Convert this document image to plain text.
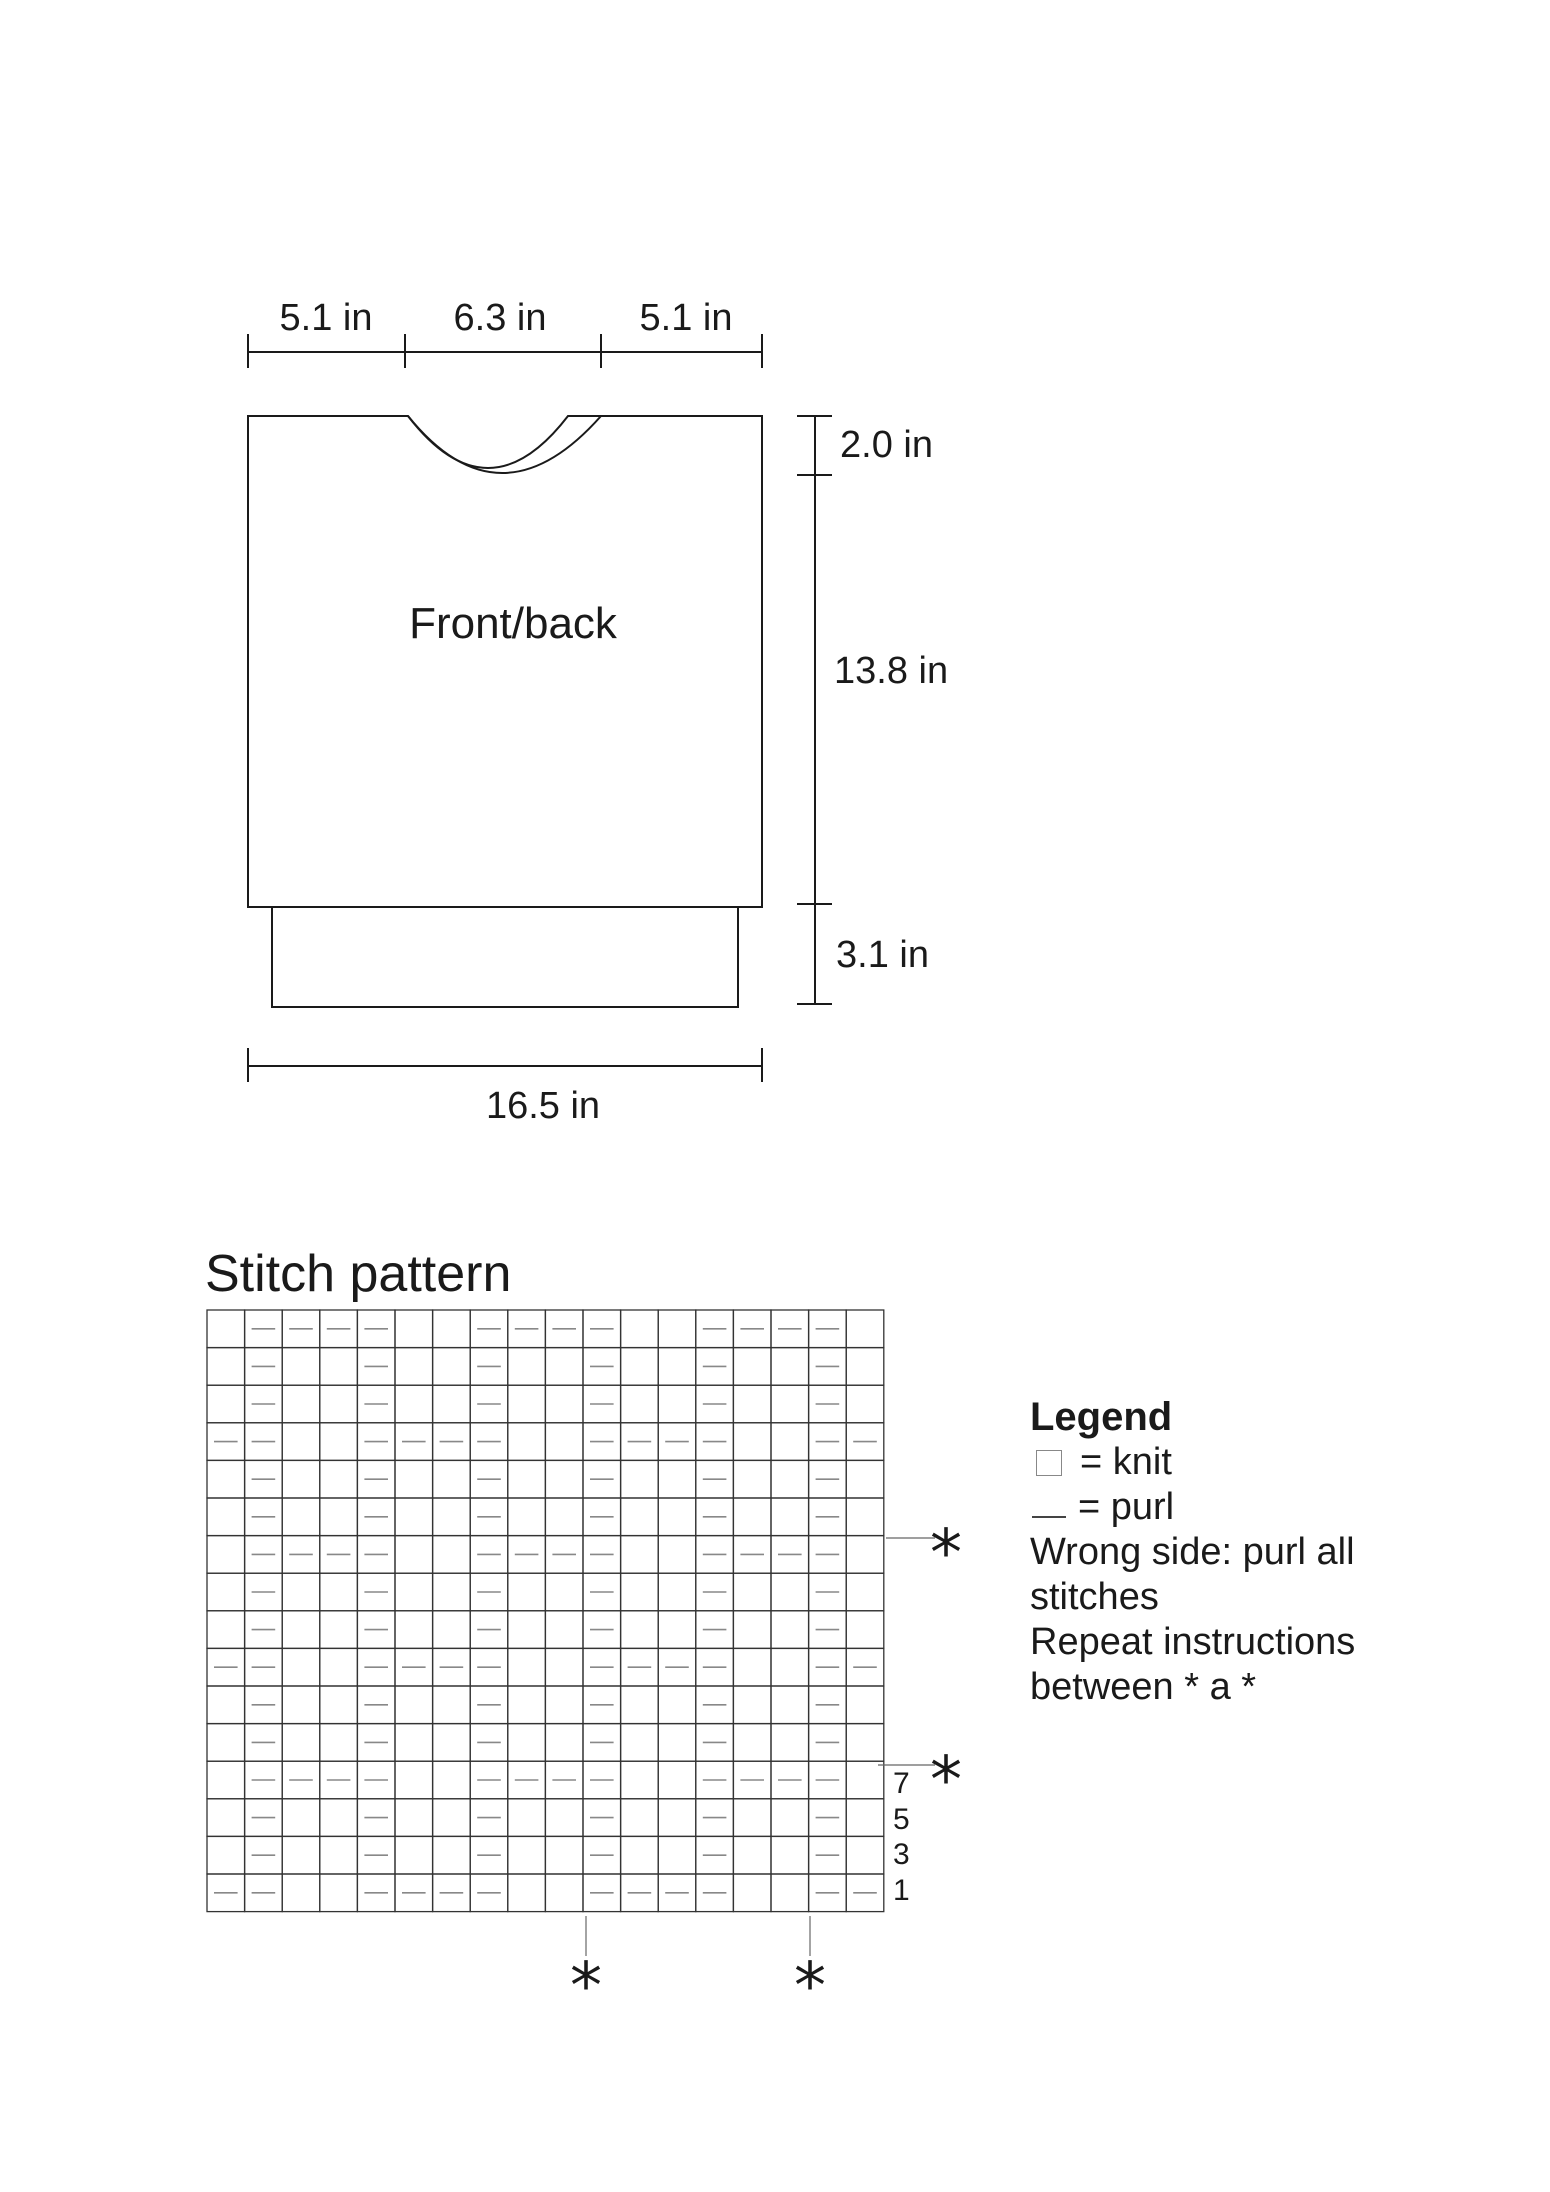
5.1 in 6.3 in 5.1 in
Front/back
2.0 in
13.8 in
3.1 in
16.5 in
Stitch pattern
7
5
3
1
*
*
*	*
Legend
= knit
= purl
Wrong side: purl all stitches
Repeat instructions between * a *
